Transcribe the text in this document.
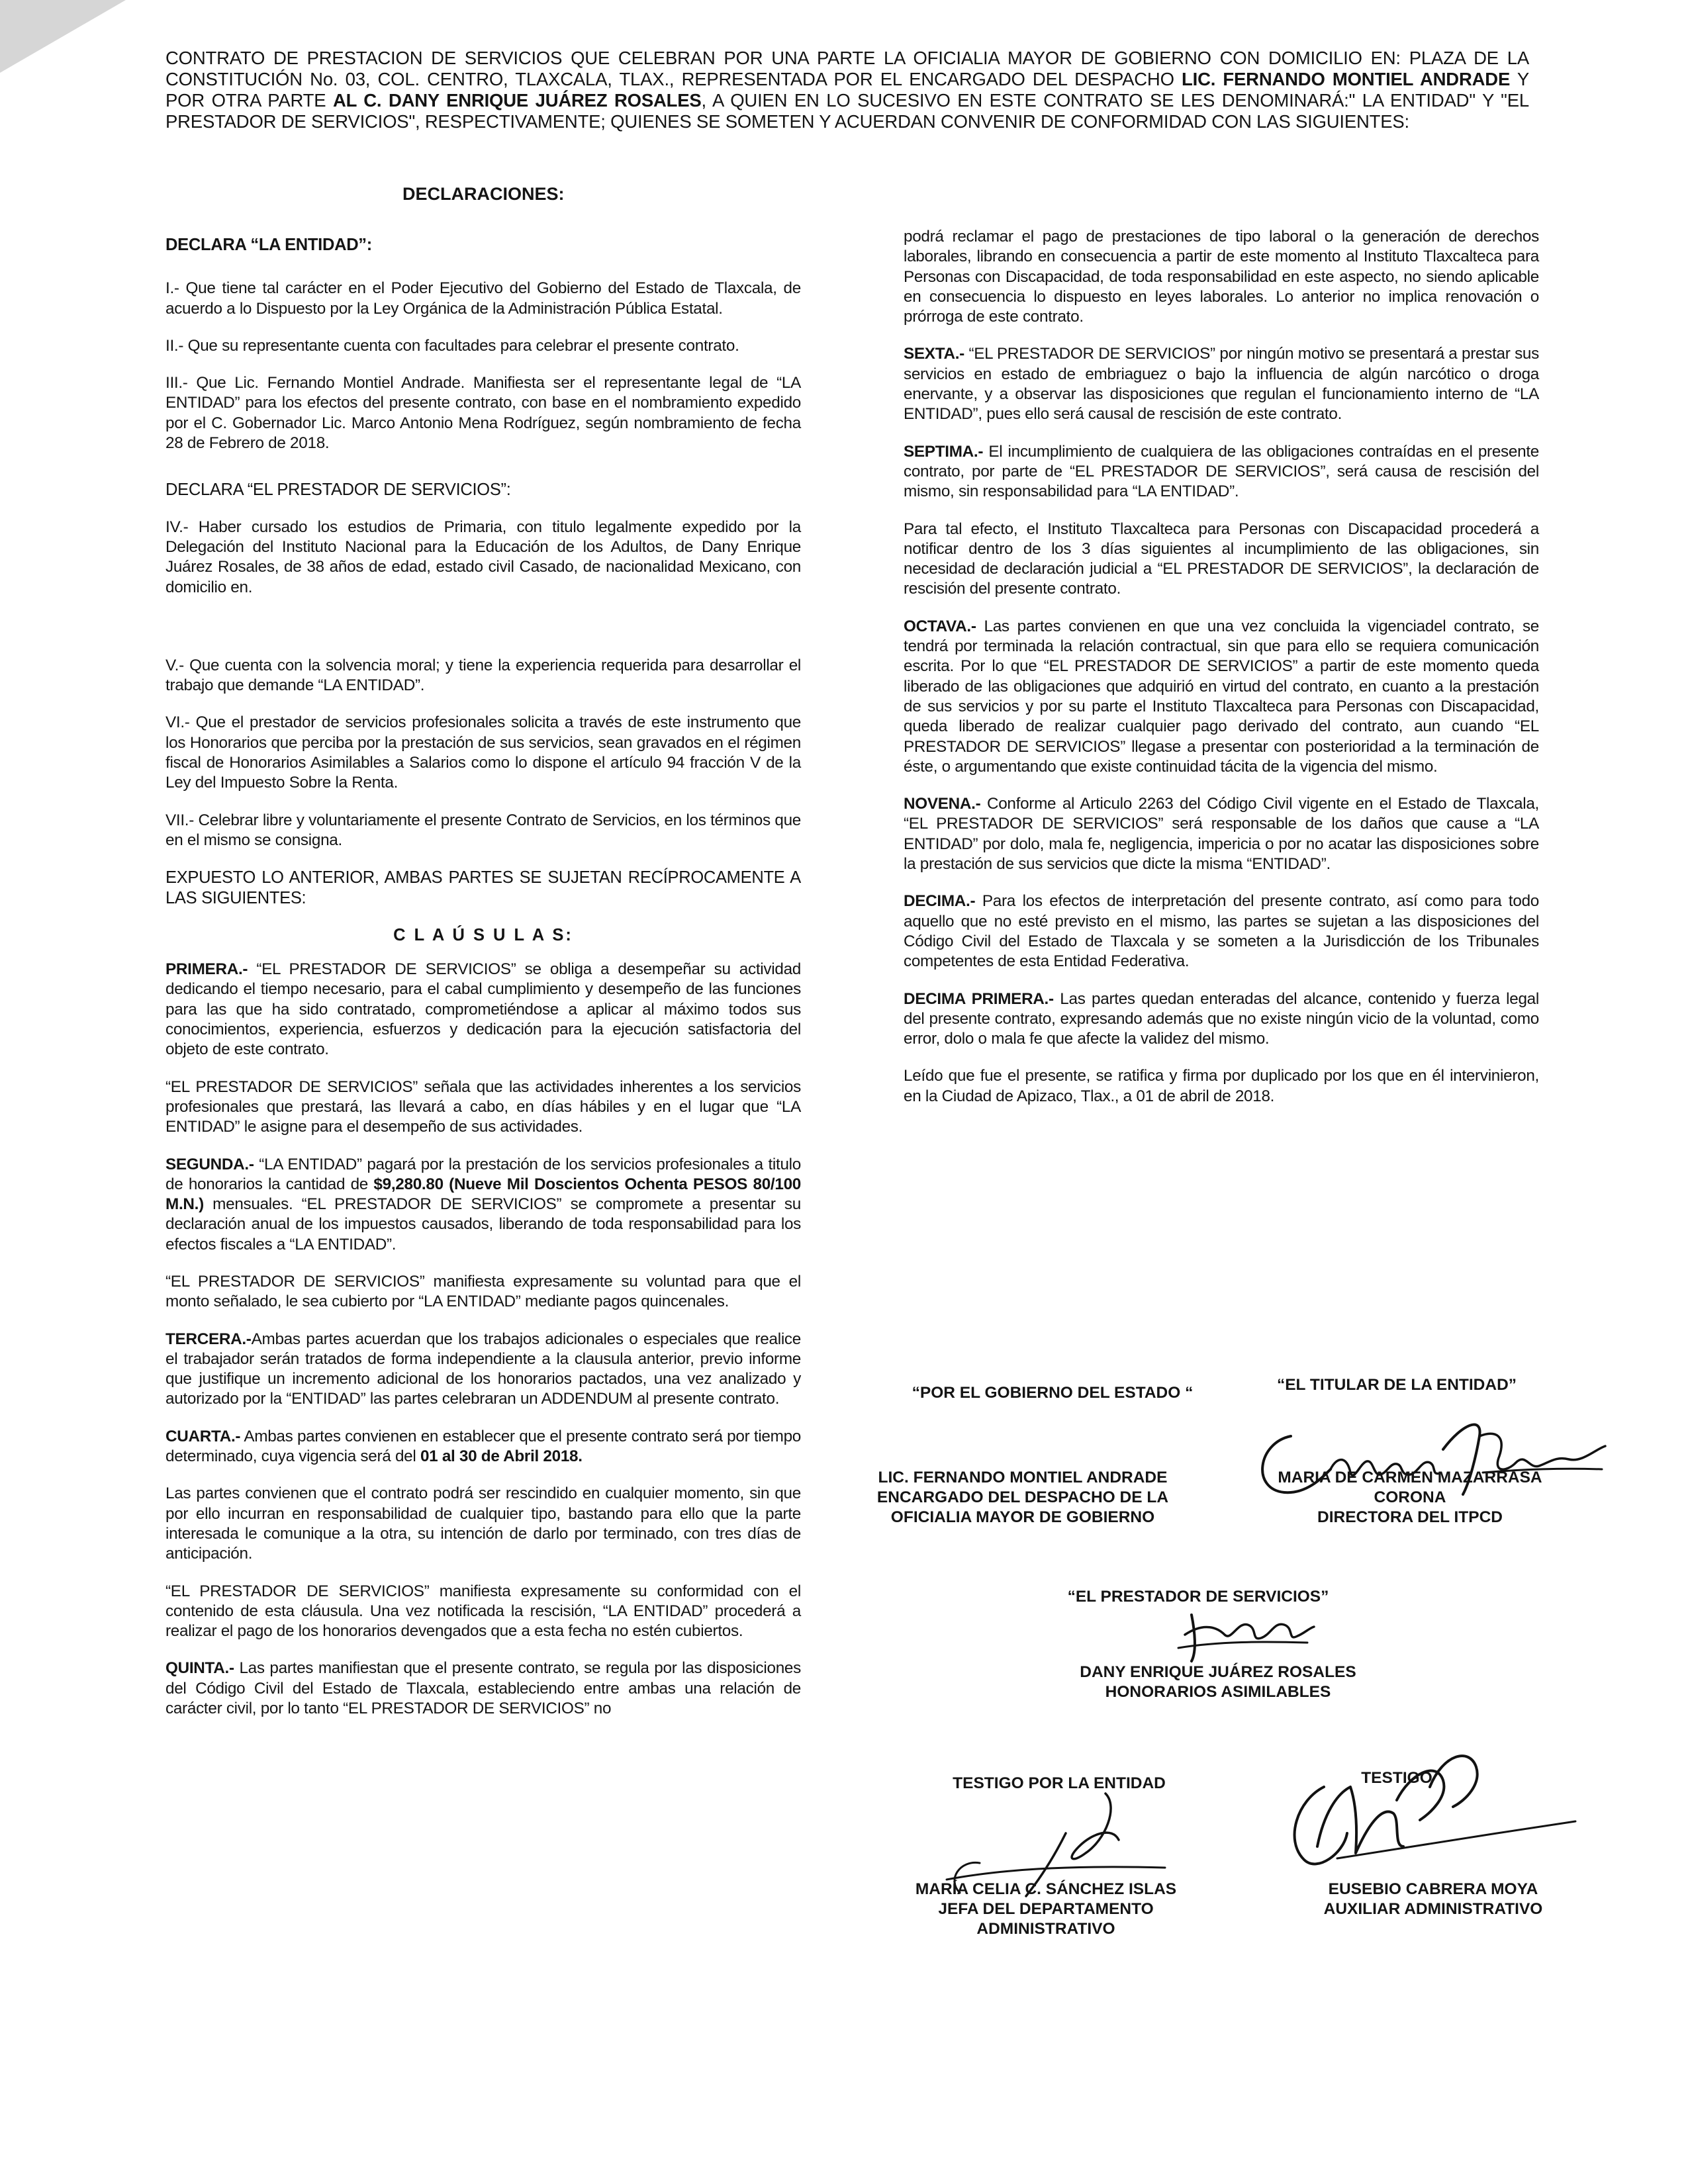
CONTRATO DE PRESTACION DE SERVICIOS QUE CELEBRAN POR UNA PARTE LA OFICIALIA MAYOR DE GOBIERNO CON DOMICILIO EN: PLAZA DE LA CONSTITUCIÓN No. 03, COL. CENTRO, TLAXCALA, TLAX., REPRESENTADA POR EL ENCARGADO DEL DESPACHO LIC. FERNANDO MONTIEL ANDRADE Y POR OTRA PARTE AL C. DANY ENRIQUE JUÁREZ ROSALES, A QUIEN EN LO SUCESIVO EN ESTE CONTRATO SE LES DENOMINARÁ:" LA ENTIDAD" Y "EL PRESTADOR DE SERVICIOS", RESPECTIVAMENTE; QUIENES SE SOMETEN Y ACUERDAN CONVENIR DE CONFORMIDAD CON LAS SIGUIENTES:
DECLARACIONES:

DECLARA “LA ENTIDAD”:

I.- Que tiene tal carácter en el Poder Ejecutivo del Gobierno del Estado de Tlaxcala, de acuerdo a lo Dispuesto por la Ley Orgánica de la Administración Pública Estatal.

II.- Que su representante cuenta con facultades para celebrar el presente contrato.

III.- Que Lic. Fernando Montiel Andrade. Manifiesta ser el representante legal de “LA ENTIDAD” para los efectos del presente contrato, con base en el nombramiento expedido por el C. Gobernador Lic. Marco Antonio Mena Rodríguez, según nombramiento de fecha 28 de Febrero de 2018.

DECLARA “EL PRESTADOR DE SERVICIOS”:

IV.- Haber cursado los estudios de Primaria, con titulo legalmente expedido por la Delegación del Instituto Nacional para la Educación de los Adultos, de Dany Enrique Juárez Rosales, de 38 años de edad, estado civil Casado, de nacionalidad Mexicano, con domicilio en.

V.- Que cuenta con la solvencia moral; y tiene la experiencia requerida para desarrollar el trabajo que demande “LA ENTIDAD”.

VI.- Que el prestador de servicios profesionales solicita a través de este instrumento que los Honorarios que perciba por la prestación de sus servicios, sean gravados en el régimen fiscal de Honorarios Asimilables a Salarios como lo dispone el artículo 94 fracción V de la Ley del Impuesto Sobre la Renta.

VII.- Celebrar libre y voluntariamente el presente Contrato de Servicios, en los términos que en el mismo se consigna.

EXPUESTO LO ANTERIOR, AMBAS PARTES SE SUJETAN RECÍPROCAMENTE A LAS SIGUIENTES:

C L A Ú S U L A S:

PRIMERA.- “EL PRESTADOR DE SERVICIOS” se obliga a desempeñar su actividad dedicando el tiempo necesario, para el cabal cumplimiento y desempeño de las funciones para las que ha sido contratado, comprometiéndose a aplicar al máximo todos sus conocimientos, experiencia, esfuerzos y dedicación para la ejecución satisfactoria del objeto de este contrato.

“EL PRESTADOR DE SERVICIOS” señala que las actividades inherentes a los servicios profesionales que prestará, las llevará a cabo, en días hábiles y en el lugar que “LA ENTIDAD” le asigne para el desempeño de sus actividades.

SEGUNDA.- “LA ENTIDAD” pagará por la prestación de los servicios profesionales a titulo de honorarios la cantidad de $9,280.80 (Nueve Mil Doscientos Ochenta PESOS 80/100 M.N.) mensuales. “EL PRESTADOR DE SERVICIOS” se compromete a presentar su declaración anual de los impuestos causados, liberando de toda responsabilidad para los efectos fiscales a “LA ENTIDAD”.

“EL PRESTADOR DE SERVICIOS” manifiesta expresamente su voluntad para que el monto señalado, le sea cubierto por “LA ENTIDAD” mediante pagos quincenales.

TERCERA.-Ambas partes acuerdan que los trabajos adicionales o especiales que realice el trabajador serán tratados de forma independiente a la clausula anterior, previo informe que justifique un incremento adicional de los honorarios pactados, una vez analizado y autorizado por la “ENTIDAD” las partes celebraran un ADDENDUM al presente contrato.

CUARTA.- Ambas partes convienen en establecer que el presente contrato será por tiempo determinado, cuya vigencia será del 01 al 30 de Abril 2018.

Las partes convienen que el contrato podrá ser rescindido en cualquier momento, sin que por ello incurran en responsabilidad de cualquier tipo, bastando para ello que la parte interesada le comunique a la otra, su intención de darlo por terminado, con tres días de anticipación.

“EL PRESTADOR DE SERVICIOS” manifiesta expresamente su conformidad con el contenido de esta cláusula. Una vez notificada la rescisión, “LA ENTIDAD” procederá a realizar el pago de los honorarios devengados que a esta fecha no estén cubiertos.

QUINTA.- Las partes manifiestan que el presente contrato, se regula por las disposiciones del Código Civil del Estado de Tlaxcala, estableciendo entre ambas una relación de carácter civil, por lo tanto “EL PRESTADOR DE SERVICIOS” no

podrá reclamar el pago de prestaciones de tipo laboral o la generación de derechos laborales, librando en consecuencia a partir de este momento al Instituto Tlaxcalteca para Personas con Discapacidad, de toda responsabilidad en este aspecto, no siendo aplicable en consecuencia lo dispuesto en leyes laborales. Lo anterior no implica renovación o prórroga de este contrato.

SEXTA.- “EL PRESTADOR DE SERVICIOS” por ningún motivo se presentará a prestar sus servicios en estado de embriaguez o bajo la influencia de algún narcótico o droga enervante, y a observar las disposiciones que regulan el funcionamiento interno de “LA ENTIDAD”, pues ello será causal de rescisión de este contrato.

SEPTIMA.- El incumplimiento de cualquiera de las obligaciones contraídas en el presente contrato, por parte de “EL PRESTADOR DE SERVICIOS”, será causa de rescisión del mismo, sin responsabilidad para “LA ENTIDAD”.

Para tal efecto, el Instituto Tlaxcalteca para Personas con Discapacidad procederá a notificar dentro de los 3 días siguientes al incumplimiento de las obligaciones, sin necesidad de declaración judicial a “EL PRESTADOR DE SERVICIOS”, la declaración de rescisión del presente contrato.

OCTAVA.- Las partes convienen en que una vez concluida la vigenciadel contrato, se tendrá por terminada la relación contractual, sin que para ello se requiera comunicación escrita. Por lo que “EL PRESTADOR DE SERVICIOS” a partir de este momento queda liberado de las obligaciones que adquirió en virtud del contrato, en cuanto a la prestación de sus servicios y por su parte el Instituto Tlaxcalteca para Personas con Discapacidad, queda liberado de realizar cualquier pago derivado del contrato, aun cuando “EL PRESTADOR DE SERVICIOS” llegase a presentar con posterioridad a la terminación de éste, o argumentando que existe continuidad tácita de la vigencia del mismo.

NOVENA.- Conforme al Articulo 2263 del Código Civil vigente en el Estado de Tlaxcala, “EL PRESTADOR DE SERVICIOS” será responsable de los daños que cause a “LA ENTIDAD” por dolo, mala fe, negligencia, impericia o por no acatar las disposiciones sobre la prestación de sus servicios que dicte la misma “ENTIDAD”.

DECIMA.- Para los efectos de interpretación del presente contrato, así como para todo aquello que no esté previsto en el mismo, las partes se sujetan a las disposiciones del Código Civil del Estado de Tlaxcala y se someten a la Jurisdicción de los Tribunales competentes de esta Entidad Federativa.

DECIMA PRIMERA.- Las partes quedan enteradas del alcance, contenido y fuerza legal del presente contrato, expresando además que no existe ningún vicio de la voluntad, como error, dolo o mala fe que afecte la validez del mismo.

Leído que fue el presente, se ratifica y firma por duplicado por los que en él intervinieron, en la Ciudad de Apizaco, Tlax., a 01 de abril de 2018.

“POR EL GOBIERNO DEL ESTADO “	“EL TITULAR DE LA ENTIDAD”
LIC. FERNANDO MONTIEL ANDRADE
ENCARGADO DEL DESPACHO DE LA
OFICIALIA MAYOR DE GOBIERNO
MARIA DE CARMEN MAZARRASA
CORONA
DIRECTORA DEL ITPCD
“EL PRESTADOR DE SERVICIOS”
DANY ENRIQUE JUÁREZ ROSALES
HONORARIOS ASIMILABLES
TESTIGO POR LA ENTIDAD	TESTIGO
MARÍA CELIA C. SÁNCHEZ ISLAS
JEFA DEL DEPARTAMENTO
ADMINISTRATIVO
EUSEBIO CABRERA MOYA
AUXILIAR ADMINISTRATIVO
